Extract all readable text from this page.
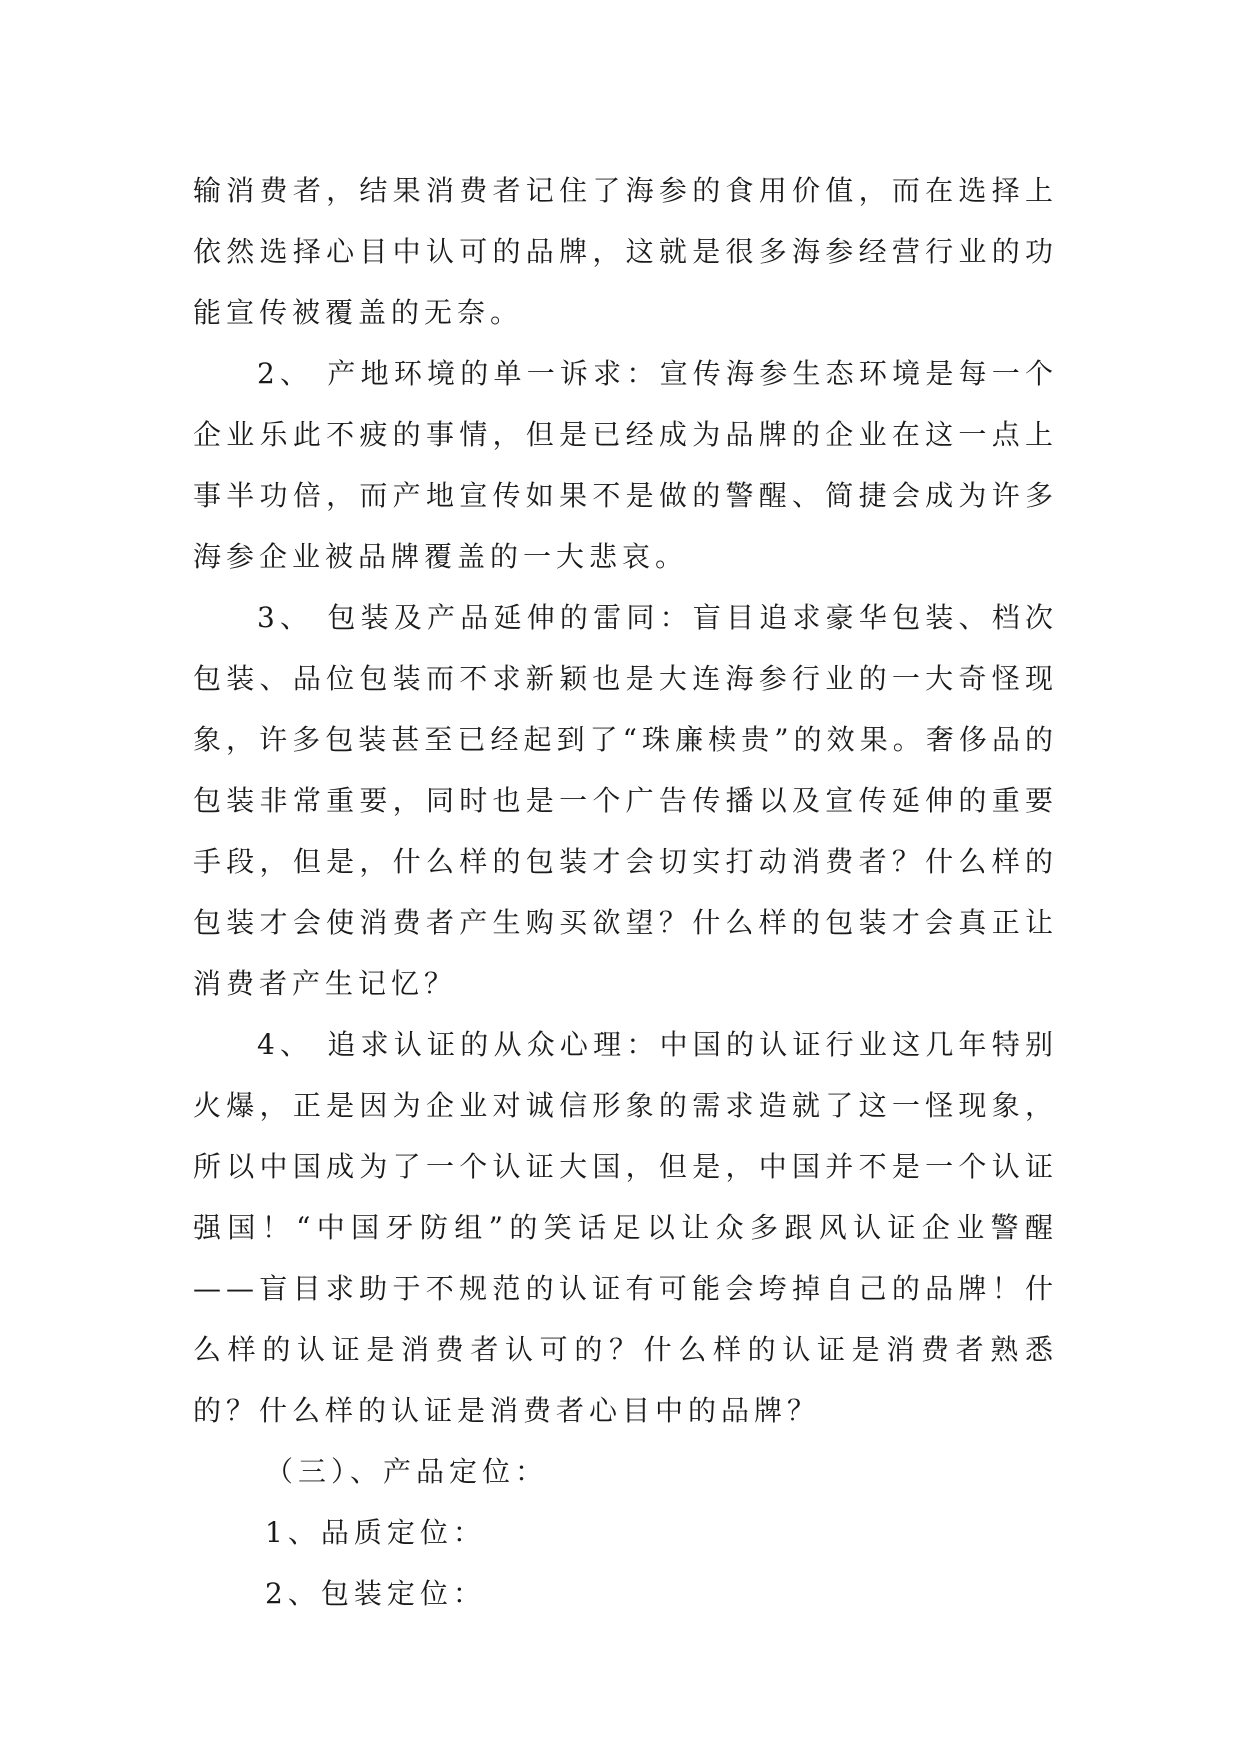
输消费者，结果消费者记住了海参的食用价值，而在选择上依然选择心目中认可的品牌，这就是很多海参经营行业的功能宣传被覆盖的无奈。

2、 产地环境的单一诉求：宣传海参生态环境是每一个企业乐此不疲的事情，但是已经成为品牌的企业在这一点上事半功倍，而产地宣传如果不是做的警醒、简捷会成为许多海参企业被品牌覆盖的一大悲哀。

3、 包装及产品延伸的雷同：盲目追求豪华包装、档次包装、品位包装而不求新颖也是大连海参行业的一大奇怪现象，许多包装甚至已经起到了“珠廉椟贵”的效果。奢侈品的包装非常重要，同时也是一个广告传播以及宣传延伸的重要手段，但是，什么样的包装才会切实打动消费者？什么样的包装才会使消费者产生购买欲望？什么样的包装才会真正让消费者产生记忆？

4、 追求认证的从众心理：中国的认证行业这几年特别火爆，正是因为企业对诚信形象的需求造就了这一怪现象，所以中国成为了一个认证大国，但是，中国并不是一个认证强国！“中国牙防组”的笑话足以让众多跟风认证企业警醒——盲目求助于不规范的认证有可能会垮掉自己的品牌！什么样的认证是消费者认可的？什么样的认证是消费者熟悉的？什么样的认证是消费者心目中的品牌？

（三）、产品定位：

1、品质定位：

2、包装定位：
